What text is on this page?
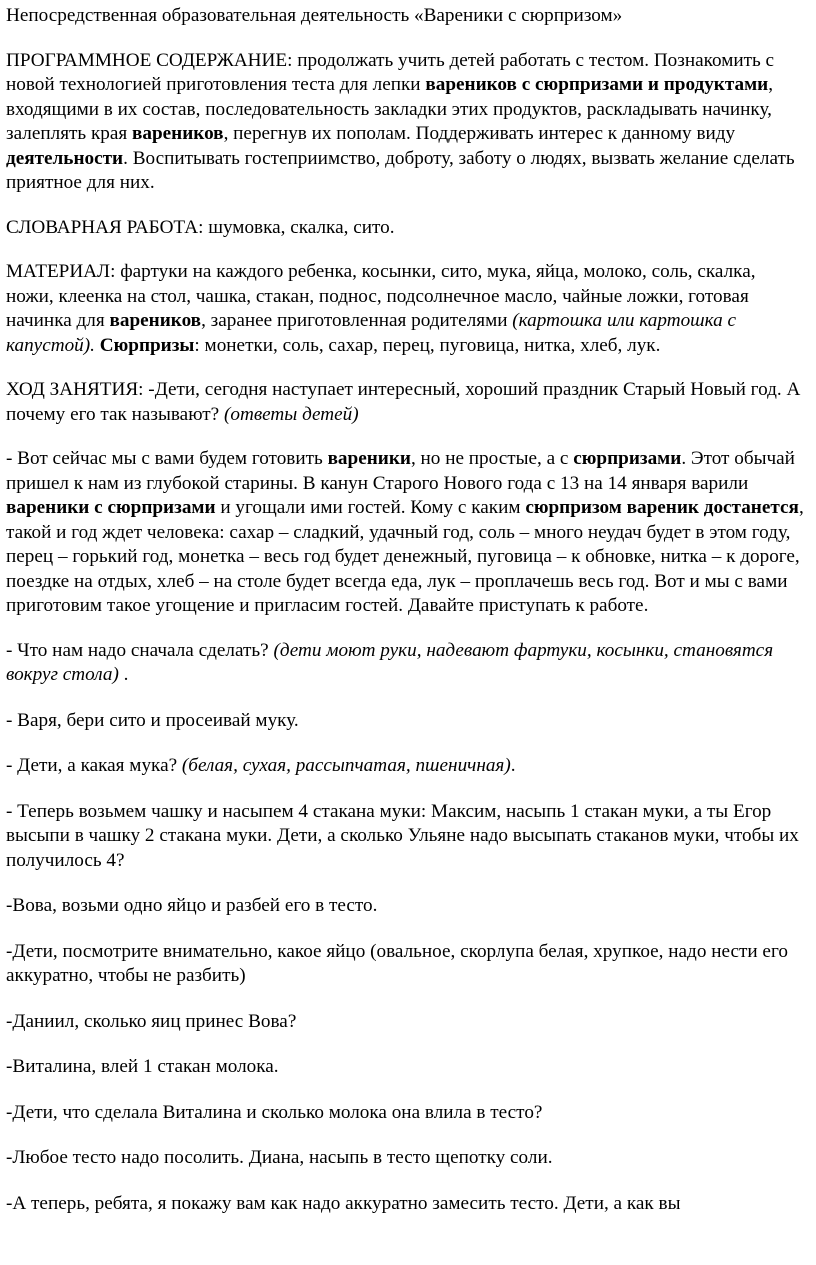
Непосредственная образовательная деятельность «Вареники с сюрпризом»

ПРОГРАММНОЕ СОДЕРЖАНИЕ: продолжать учить детей работать с тестом. Познакомить с новой технологией приготовления теста для лепки вареников с сюрпризами и продуктами, входящими в их состав, последовательность закладки этих продуктов, раскладывать начинку, залеплять края вареников, перегнув их пополам. Поддерживать интерес к данному виду деятельности. Воспитывать гостеприимство, доброту, заботу о людях, вызвать желание сделать приятное для них.

СЛОВАРНАЯ РАБОТА: шумовка, скалка, сито.

МАТЕРИАЛ: фартуки на каждого ребенка, косынки, сито, мука, яйца, молоко, соль, скалка, ножи, клеенка на стол, чашка, стакан, поднос, подсолнечное масло, чайные ложки, готовая начинка для вареников, заранее приготовленная родителями (картошка или картошка с капустой). Сюрпризы: монетки, соль, сахар, перец, пуговица, нитка, хлеб, лук.

ХОД ЗАНЯТИЯ: -Дети, сегодня наступает интересный, хороший праздник Старый Новый год. А почему его так называют? (ответы детей)

- Вот сейчас мы с вами будем готовить вареники, но не простые, а с сюрпризами. Этот обычай пришел к нам из глубокой старины. В канун Старого Нового года с 13 на 14 января варили вареники с сюрпризами и угощали ими гостей. Кому с каким сюрпризом вареник достанется, такой и год ждет человека: сахар – сладкий, удачный год, соль – много неудач будет в этом году, перец – горький год, монетка – весь год будет денежный, пуговица – к обновке, нитка – к дороге, поездке на отдых, хлеб – на столе будет всегда еда, лук – проплачешь весь год. Вот и мы с вами приготовим такое угощение и пригласим гостей. Давайте приступать к работе.

- Что нам надо сначала сделать? (дети моют руки, надевают фартуки, косынки, становятся вокруг стола) .

- Варя, бери сито и просеивай муку.

- Дети, а какая мука? (белая, сухая, рассыпчатая, пшеничная).

- Теперь возьмем чашку и насыпем 4 стакана муки: Максим, насыпь 1 стакан муки, а ты Егор высыпи в чашку 2 стакана муки. Дети, а сколько Ульяне надо высыпать стаканов муки, чтобы их получилось 4?

-Вова, возьми одно яйцо и разбей его в тесто.

-Дети, посмотрите внимательно, какое яйцо (овальное, скорлупа белая, хрупкое, надо нести его аккуратно, чтобы не разбить)

-Даниил, сколько яиц принес Вова?

-Виталина, влей 1 стакан молока.

-Дети, что сделала Виталина и сколько молока она влила в тесто?

-Любое тесто надо посолить. Диана, насыпь в тесто щепотку соли.

-А теперь, ребята, я покажу вам как надо аккуратно замесить тесто. Дети, а как вы
